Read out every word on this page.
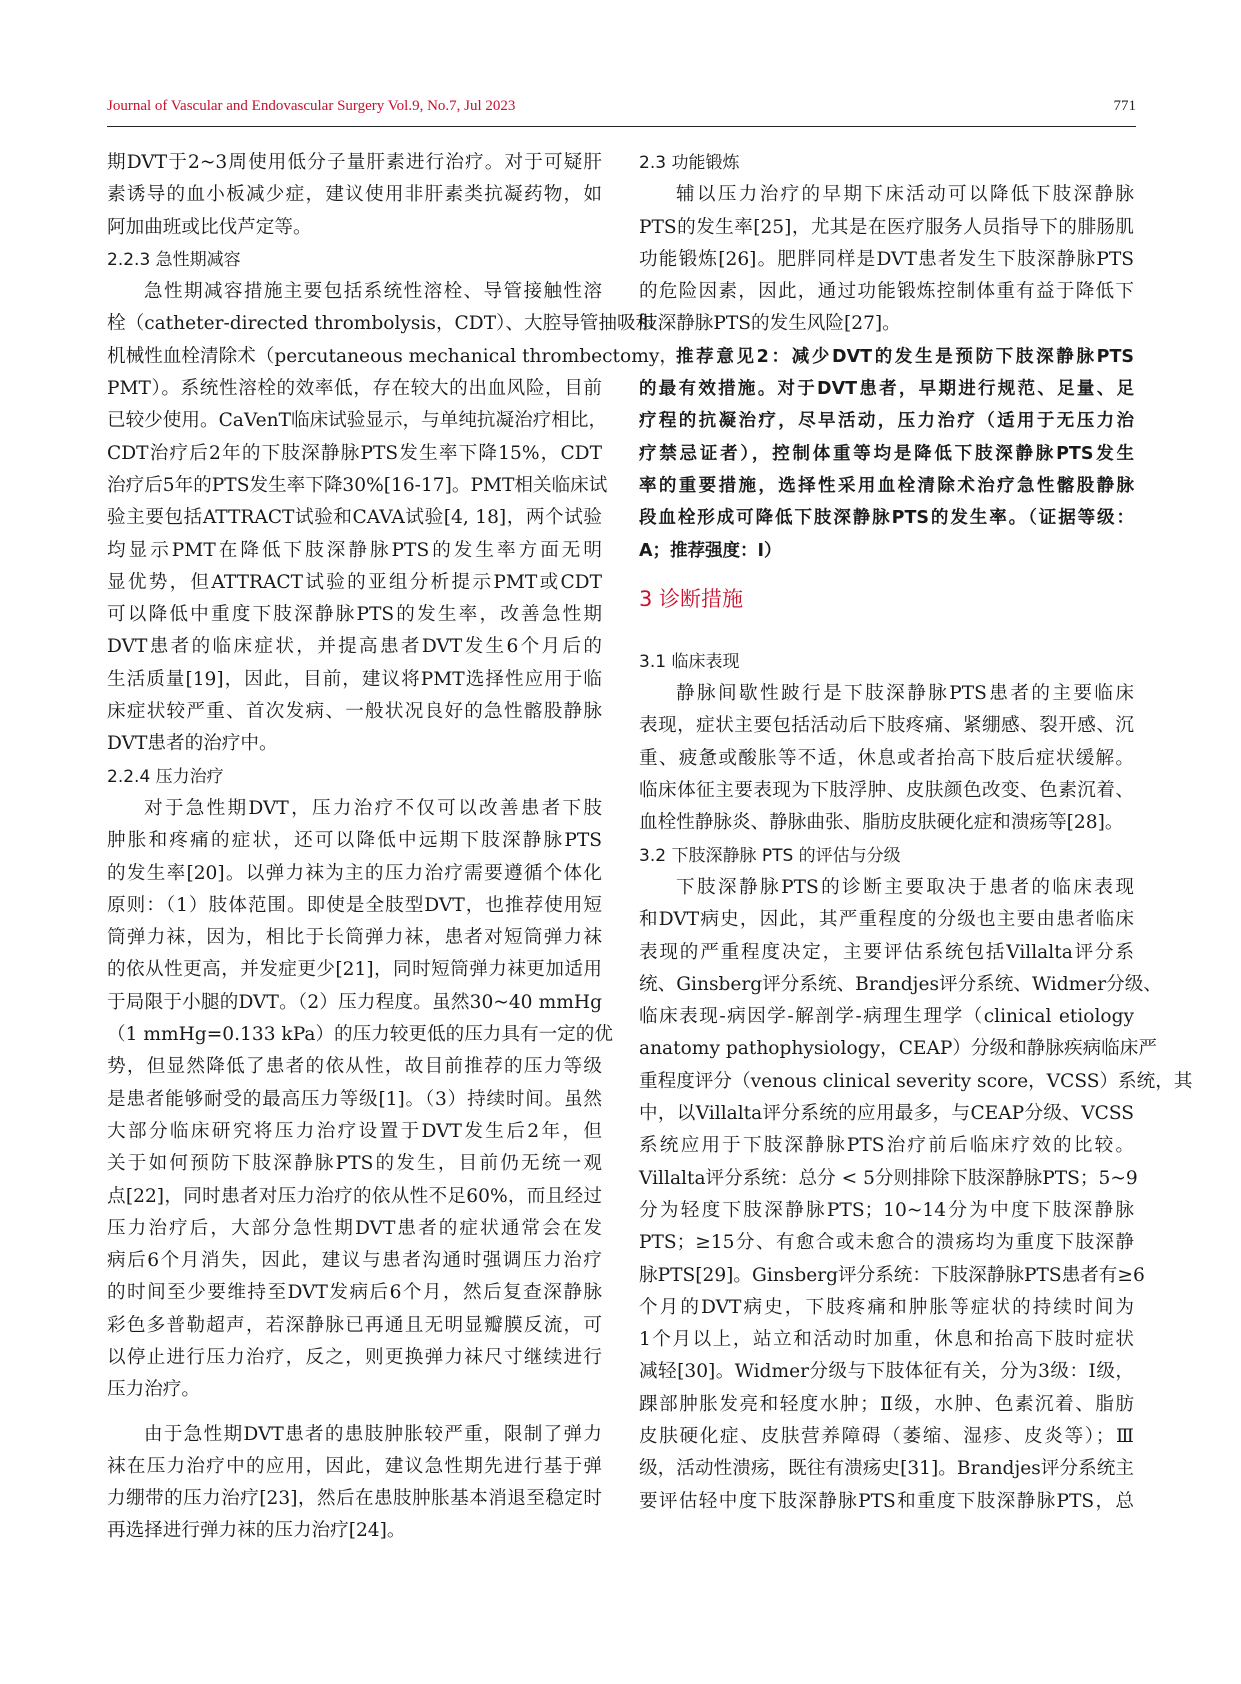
Journal of Vascular and Endovascular Surgery Vol.9, No.7, Jul 2023	771
期DVT于2~3周使用低分子量肝素进行治疗。对于可疑肝
素诱导的血小板减少症，建议使用非肝素类抗凝药物，如
阿加曲班或比伐芦定等。
2.2.3 急性期减容
急性期减容措施主要包括系统性溶栓、导管接触性溶
栓（catheter-directed thrombolysis，CDT）、大腔导管抽吸和
机械性血栓清除术（percutaneous mechanical thrombectomy，
PMT）。系统性溶栓的效率低，存在较大的出血风险，目前
已较少使用。CaVenT临床试验显示，与单纯抗凝治疗相比，
CDT治疗后2年的下肢深静脉PTS发生率下降15%，CDT
治疗后5年的PTS发生率下降30%[16-17]。PMT相关临床试
验主要包括ATTRACT试验和CAVA试验[4, 18]，两个试验
均显示PMT在降低下肢深静脉PTS的发生率方面无明
显优势，但ATTRACT试验的亚组分析提示PMT或CDT
可以降低中重度下肢深静脉PTS的发生率，改善急性期
DVT患者的临床症状，并提高患者DVT发生6个月后的
生活质量[19]，因此，目前，建议将PMT选择性应用于临
床症状较严重、首次发病、一般状况良好的急性髂股静脉
DVT患者的治疗中。
2.2.4 压力治疗
对于急性期DVT，压力治疗不仅可以改善患者下肢
肿胀和疼痛的症状，还可以降低中远期下肢深静脉PTS
的发生率[20]。以弹力袜为主的压力治疗需要遵循个体化
原则：（1）肢体范围。即使是全肢型DVT，也推荐使用短
筒弹力袜，因为，相比于长筒弹力袜，患者对短筒弹力袜
的依从性更高，并发症更少[21]，同时短筒弹力袜更加适用
于局限于小腿的DVT。（2）压力程度。虽然30~40 mmHg
（1 mmHg=0.133 kPa）的压力较更低的压力具有一定的优
势，但显然降低了患者的依从性，故目前推荐的压力等级
是患者能够耐受的最高压力等级[1]。（3）持续时间。虽然
大部分临床研究将压力治疗设置于DVT发生后2年，但
关于如何预防下肢深静脉PTS的发生，目前仍无统一观
点[22]，同时患者对压力治疗的依从性不足60%，而且经过
压力治疗后，大部分急性期DVT患者的症状通常会在发
病后6个月消失，因此，建议与患者沟通时强调压力治疗
的时间至少要维持至DVT发病后6个月，然后复查深静脉
彩色多普勒超声，若深静脉已再通且无明显瓣膜反流，可
以停止进行压力治疗，反之，则更换弹力袜尺寸继续进行
压力治疗。
由于急性期DVT患者的患肢肿胀较严重，限制了弹力
袜在压力治疗中的应用，因此，建议急性期先进行基于弹
力绷带的压力治疗[23]，然后在患肢肿胀基本消退至稳定时
再选择进行弹力袜的压力治疗[24]。
2.3 功能锻炼
辅以压力治疗的早期下床活动可以降低下肢深静脉
PTS的发生率[25]，尤其是在医疗服务人员指导下的腓肠肌
功能锻炼[26]。肥胖同样是DVT患者发生下肢深静脉PTS
的危险因素，因此，通过功能锻炼控制体重有益于降低下
肢深静脉PTS的发生风险[27]。
推荐意见2：减少DVT的发生是预防下肢深静脉PTS
的最有效措施。对于DVT患者，早期进行规范、足量、足
疗程的抗凝治疗，尽早活动，压力治疗（适用于无压力治
疗禁忌证者），控制体重等均是降低下肢深静脉PTS发生
率的重要措施，选择性采用血栓清除术治疗急性髂股静脉
段血栓形成可降低下肢深静脉PTS的发生率。（证据等级：
A；推荐强度：Ⅰ）
3 诊断措施
3.1 临床表现
静脉间歇性跛行是下肢深静脉PTS患者的主要临床
表现，症状主要包括活动后下肢疼痛、紧绷感、裂开感、沉
重、疲惫或酸胀等不适，休息或者抬高下肢后症状缓解。
临床体征主要表现为下肢浮肿、皮肤颜色改变、色素沉着、
血栓性静脉炎、静脉曲张、脂肪皮肤硬化症和溃疡等[28]。
3.2 下肢深静脉 PTS 的评估与分级
下肢深静脉PTS的诊断主要取决于患者的临床表现
和DVT病史，因此，其严重程度的分级也主要由患者临床
表现的严重程度决定，主要评估系统包括Villalta评分系
统、Ginsberg评分系统、Brandjes评分系统、Widmer分级、
临床表现-病因学-解剖学-病理生理学（clinical etiology
anatomy pathophysiology，CEAP）分级和静脉疾病临床严
重程度评分（venous clinical severity score，VCSS）系统，其
中，以Villalta评分系统的应用最多，与CEAP分级、VCSS
系统应用于下肢深静脉PTS治疗前后临床疗效的比较。
Villalta评分系统：总分 < 5分则排除下肢深静脉PTS；5~9
分为轻度下肢深静脉PTS；10~14分为中度下肢深静脉
PTS；≥15分、有愈合或未愈合的溃疡均为重度下肢深静
脉PTS[29]。Ginsberg评分系统：下肢深静脉PTS患者有≥6
个月的DVT病史，下肢疼痛和肿胀等症状的持续时间为
1个月以上，站立和活动时加重，休息和抬高下肢时症状
减轻[30]。Widmer分级与下肢体征有关，分为3级：Ⅰ级，
踝部肿胀发亮和轻度水肿；Ⅱ级，水肿、色素沉着、脂肪
皮肤硬化症、皮肤营养障碍（萎缩、湿疹、皮炎等）；Ⅲ
级，活动性溃疡，既往有溃疡史[31]。Brandjes评分系统主
要评估轻中度下肢深静脉PTS和重度下肢深静脉PTS，总
